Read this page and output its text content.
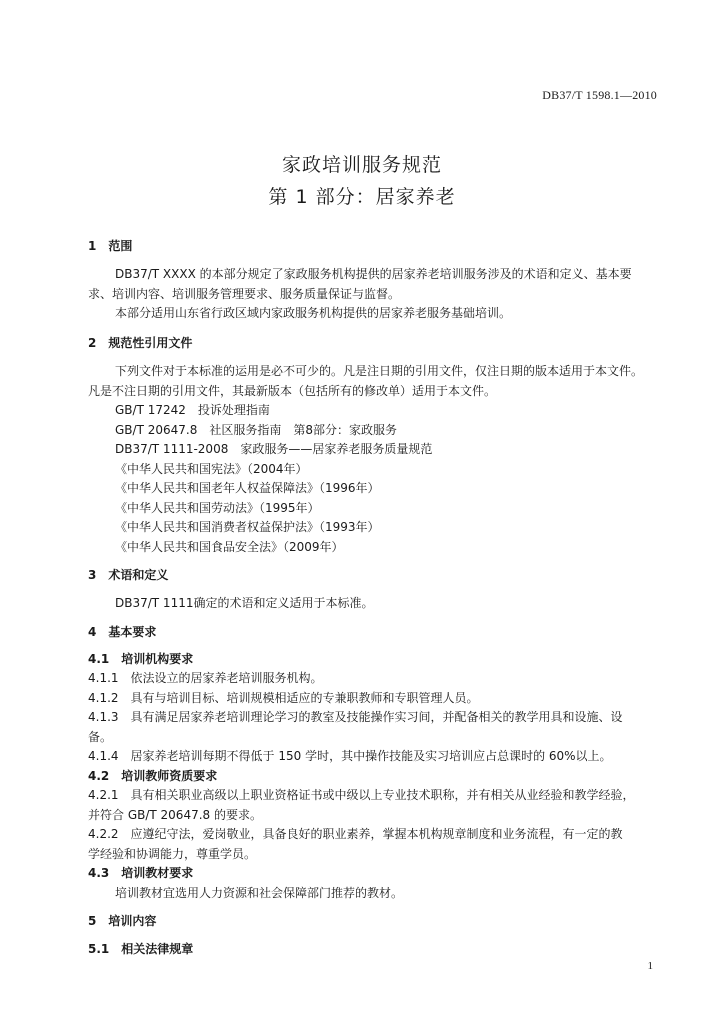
DB37/T 1598.1—2010
家政培训服务规范
第 1 部分：居家养老
1　范围
DB37/T XXXX 的本部分规定了家政服务机构提供的居家养老培训服务涉及的术语和定义、基本要
求、培训内容、培训服务管理要求、服务质量保证与监督。
本部分适用山东省行政区域内家政服务机构提供的居家养老服务基础培训。
2　规范性引用文件
下列文件对于本标准的运用是必不可少的。凡是注日期的引用文件，仅注日期的版本适用于本文件。
凡是不注日期的引用文件，其最新版本（包括所有的修改单）适用于本文件。
GB/T 17242　投诉处理指南
GB/T 20647.8　社区服务指南　第8部分：家政服务
DB37/T 1111-2008　家政服务——居家养老服务质量规范
《中华人民共和国宪法》（2004年）
《中华人民共和国老年人权益保障法》（1996年）
《中华人民共和国劳动法》（1995年）
《中华人民共和国消费者权益保护法》（1993年）
《中华人民共和国食品安全法》（2009年）
3　术语和定义
DB37/T 1111确定的术语和定义适用于本标准。
4　基本要求
4.1　培训机构要求
4.1.1　依法设立的居家养老培训服务机构。
4.1.2　具有与培训目标、培训规模相适应的专兼职教师和专职管理人员。
4.1.3　具有满足居家养老培训理论学习的教室及技能操作实习间，并配备相关的教学用具和设施、设
备。
4.1.4　居家养老培训每期不得低于 150 学时，其中操作技能及实习培训应占总课时的 60%以上。
4.2　培训教师资质要求
4.2.1　具有相关职业高级以上职业资格证书或中级以上专业技术职称，并有相关从业经验和教学经验，
并符合 GB/T 20647.8 的要求。
4.2.2　应遵纪守法，爱岗敬业，具备良好的职业素养，掌握本机构规章制度和业务流程，有一定的教
学经验和协调能力，尊重学员。
4.3　培训教材要求
培训教材宜选用人力资源和社会保障部门推荐的教材。
5　培训内容
5.1　相关法律规章
1
